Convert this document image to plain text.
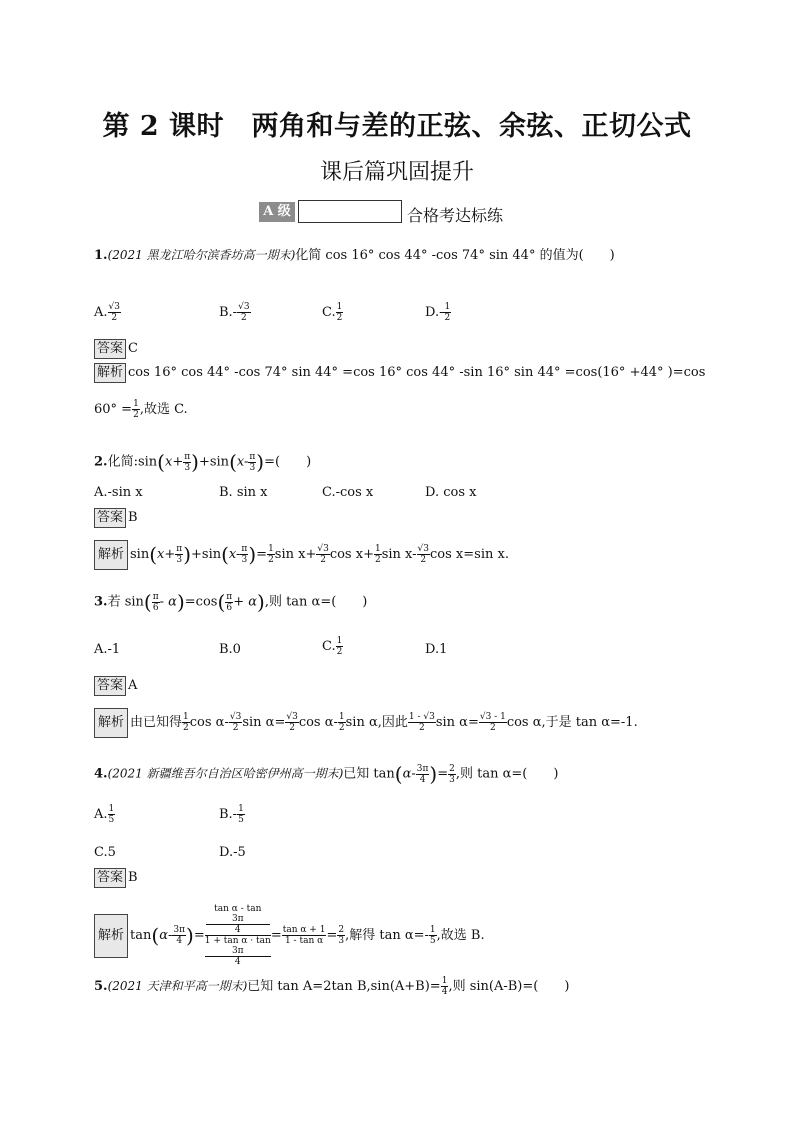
第 2 课时　两角和与差的正弦、余弦、正切公式
课后篇巩固提升
A 级	合格考达标练
1.(2021 黑龙江哈尔滨香坊高一期末)化简 cos 16° cos 44° -cos 74° sin 44° 的值为(　　)
A. $\frac{√3}{2}$	$B.- \frac{√3}{2}$	C. $\frac{1}{2}$	$D.- \frac{1}{2}$
答案 C
解析 cos 16° cos 44° -cos 74° sin 44° =cos 16° cos 44° -sin 16° sin 44° =cos(16° +44° )=cos
$60^\circ = \frac{1}{2}$ ,故选 C.
2.化简:sin(x+ $\frac{\pi}{3} )+\sin(x- \frac{\pi}{3}$ )=(　　)
A.-sin x	B. sin x	C.-cos x	D. cos x
答案 B
解析 $\sin(x+ \frac{\pi}{3} )+\sin(x- \frac{\pi}{3}$ )= $\frac{1}{2}$ $\sin x+ \frac{√3}{2}$ $\cos x+ \frac{1}{2}$ $\sin x- \frac{√3}{2}$ cos x=sin x.
3.若 $\sin( \frac{\pi}{6} - \alpha)=\cos( \frac{\pi}{6} + \alpha)$,则 tan α=(　　)
A.-1	B.0	C. $\frac{1}{2}$	D.1
答案 A
解析 由已知得 $\frac{1}{2}$ $\cos \alpha- \frac{√3}{2}$ $\sin \alpha= \frac{√3}{2}$ $\cos \alpha- \frac{1}{2}$ sin α,因此 $\frac{1 - √3}{2}$ $\sin \alpha= \frac{√3 - 1}{2}$ cos α,于是 tan α=-1.
4.(2021 新疆维吾尔自治区哈密伊州高一期末)已知 $\tan(\alpha- \frac{3\pi}{4}$ )= $\frac{2}{3}$ ,则 tan α=(　　)
A. $\frac{1}{5}$	$B.- \frac{1}{5}$
C.5	D.-5
答案 B
解析 $\tan(\alpha- \frac{3\pi}{4}$ )= tan α - tan
3π
4
1 + tan α · tan
3π
$4 = \frac{\text{tan α + 1}}{\text{1 - tan α}} = \frac{2}{3}$ ,解得 $\tan \alpha=- \frac{1}{5}$ ,故选 B.
5.(2021 天津和平高一期末)已知 tan A=2tan $B,\sin(A+B)= \frac{1}{4}$ ,则 sin(A-B)=(　　)
